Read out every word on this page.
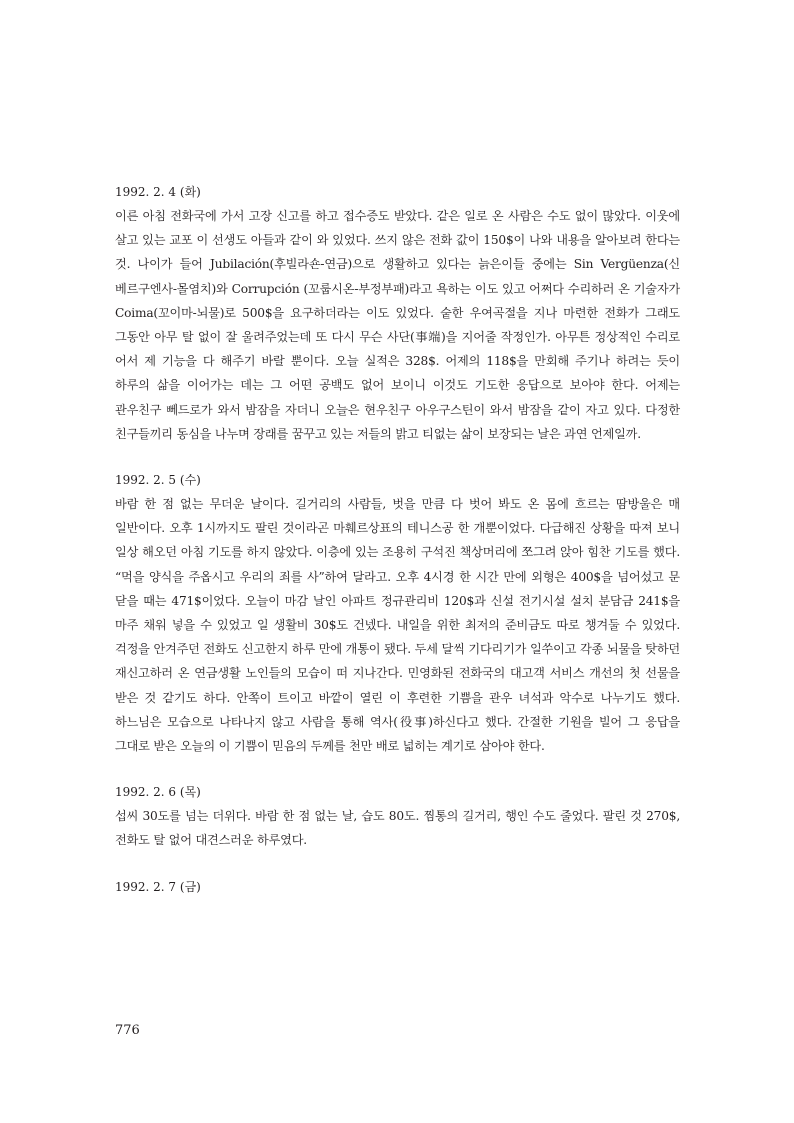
1992. 2. 4 (화)

이른 아침 전화국에 가서 고장 신고를 하고 접수증도 받았다. 같은 일로 온 사람은 수도 없이 많았다. 이웃에 살고 있는 교포 이 선생도 아들과 같이 와 있었다. 쓰지 않은 전화 값이 150$이 나와 내용을 알아보려 한다는 것. 나이가 들어 Jubilación(후빌라숀-연금)으로 생활하고 있다는 늙은이들 중에는 Sin Vergüenza(신 베르구엔사-몰염치)와 Corrupción (꼬룹시온-부정부패)라고 욕하는 이도 있고 어쩌다 수리하러 온 기술자가 Coima(꼬이마-뇌물)로 500$을 요구하더라는 이도 있었다. 숱한 우여곡절을 지나 마련한 전화가 그래도 그동안 아무 탈 없이 잘 울려주었는데 또 다시 무슨 사단(事端)을 지어줄 작정인가. 아무튼 정상적인 수리로 어서 제 기능을 다 해주기 바랄 뿐이다. 오늘 실적은 328$. 어제의 118$을 만회해 주기나 하려는 듯이 하루의 삶을 이어가는 데는 그 어떤 공백도 없어 보이니 이것도 기도한 응답으로 보아야 한다. 어제는 관우친구 뻬드로가 와서 밤잠을 자더니 오늘은 현우친구 아우구스틴이 와서 밤잠을 같이 자고 있다. 다정한 친구들끼리 동심을 나누며 장래를 꿈꾸고 있는 저들의 밝고 티없는 삶이 보장되는 날은 과연 언제일까.

1992. 2. 5 (수)

바람 한 점 없는 무더운 날이다. 길거리의 사람들, 벗을 만큼 다 벗어 봐도 온 몸에 흐르는 땀방울은 매 일반이다. 오후 1시까지도 팔린 것이라곤 마훼르상표의 테니스공 한 개뿐이었다. 다급해진 상황을 따져 보니 일상 해오던 아침 기도를 하지 않았다. 이층에 있는 조용히 구석진 책상머리에 쪼그려 앉아 힘찬 기도를 했다. “먹을 양식을 주옵시고 우리의 죄를 사”하여 달라고. 오후 4시경 한 시간 만에 외형은 400$을 넘어섰고 문 닫을 때는 471$이었다. 오늘이 마감 날인 아파트 정규관리비 120$과 신설 전기시설 설치 분담금 241$을 마주 채워 넣을 수 있었고 일 생활비 30$도 건넸다. 내일을 위한 최저의 준비금도 따로 챙겨둘 수 있었다. 걱정을 안겨주던 전화도 신고한지 하루 만에 개통이 됐다. 두세 달씩 기다리기가 일쑤이고 각종 뇌물을 탓하던 재신고하러 온 연금생활 노인들의 모습이 떠 지나간다. 민영화된 전화국의 대고객 서비스 개선의 첫 선물을 받은 것 같기도 하다. 안쪽이 트이고 바깥이 열린 이 후련한 기쁨을 관우 녀석과 악수로 나누기도 했다. 하느님은 모습으로 나타나지 않고 사람을 통해 역사(役事)하신다고 했다. 간절한 기원을 빌어 그 응답을 그대로 받은 오늘의 이 기쁨이 믿음의 두께를 천만 배로 넓히는 계기로 삼아야 한다.

1992. 2. 6 (목)

섭씨 30도를 넘는 더위다. 바람 한 점 없는 날, 습도 80도. 찜통의 길거리, 행인 수도 줄었다. 팔린 것 270$, 전화도 탈 없어 대견스러운 하루였다.

1992. 2. 7 (금)

776
